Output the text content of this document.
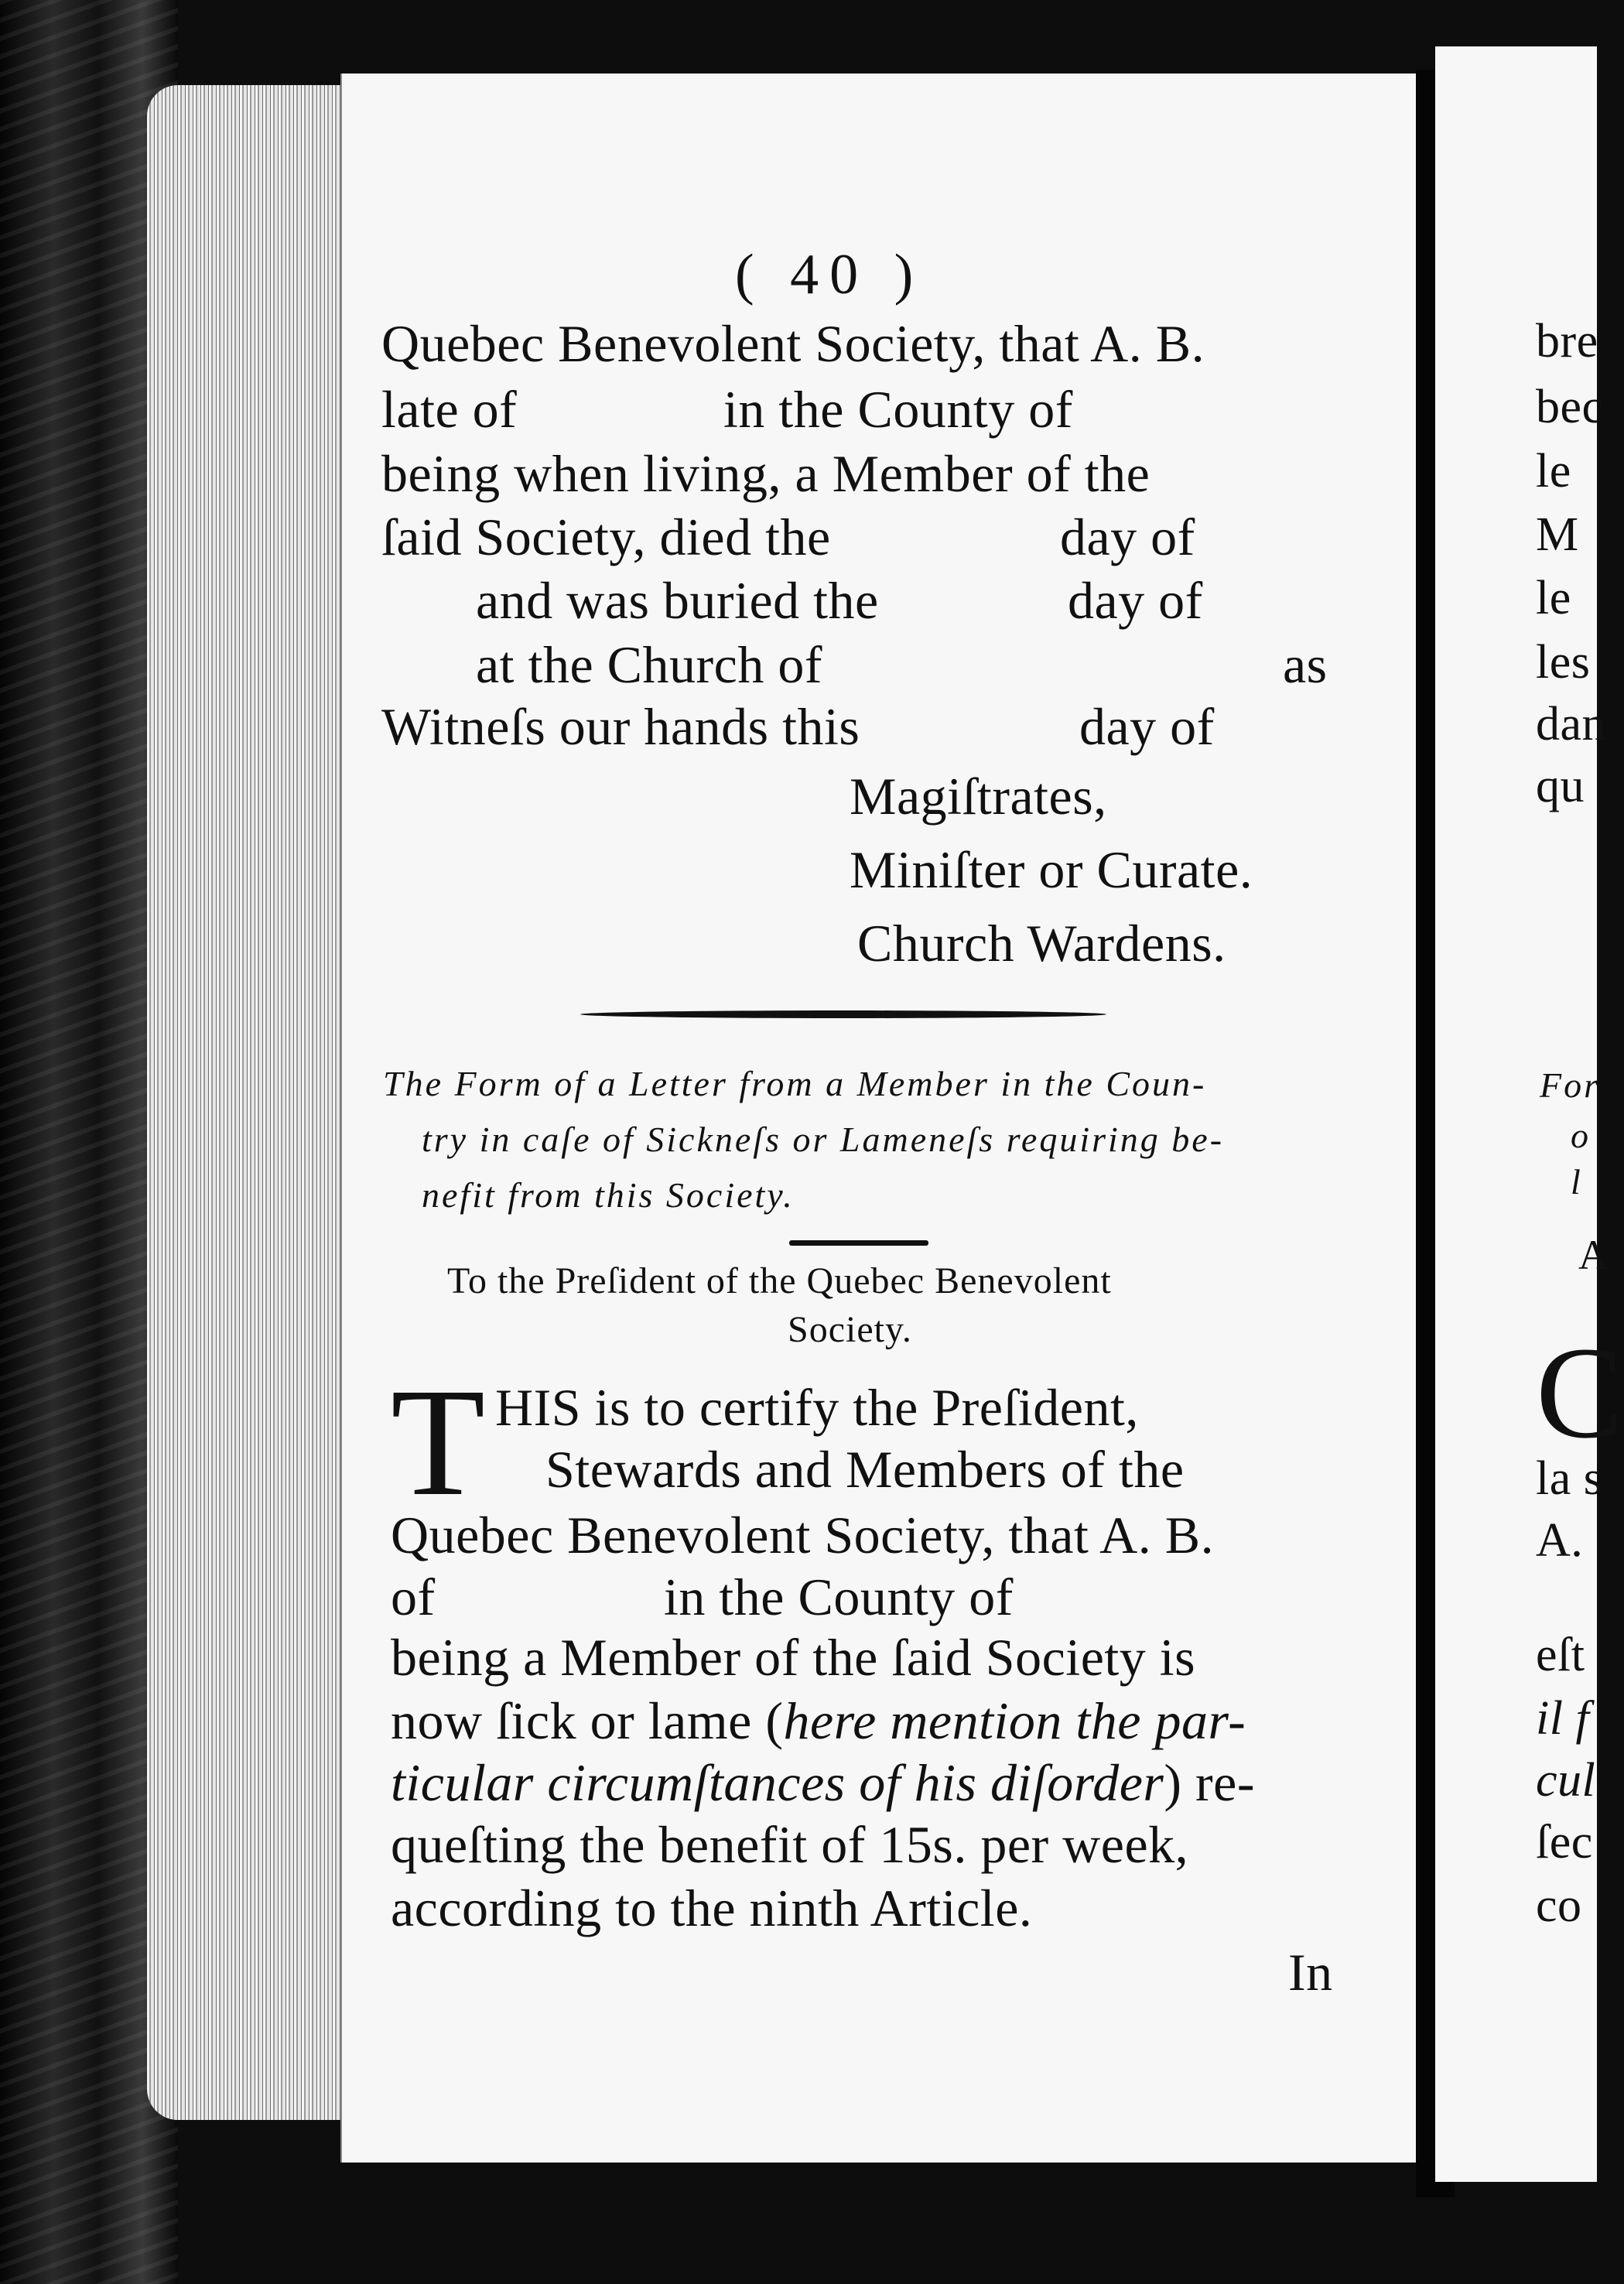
( 40 )
Quebec Benevolent Society, that A. B.
late of	in the County of
being when living, a Member of the
ſaid Society, died the	day of
and was buried the	day of
at the Church of	as
Witneſs our hands this	day of
Magiſtrates,
Miniſter or Curate.
Church Wardens.
The Form of a Letter from a Member in the Coun-
try in caſe of Sickneſs or Lameneſs requiring be-
nefit from this Society.
To the Preſident of the Quebec Benevolent
Society.
T HIS is to certify the Preſident,
Stewards and Members of the
Quebec Benevolent Society, that A. B.
of	in the County of
being a Member of the ſaid Society is
now ſick or lame (here mention the par-
ticular circumſtances of his diſorder) re-
queſting the benefit of 15s. per week,
according to the ninth Article.
In
bre
bec
le
M
le
les
dan
qu
For
o
l
A
C
la s
A.
eſt
il f
cul
ſec
co
